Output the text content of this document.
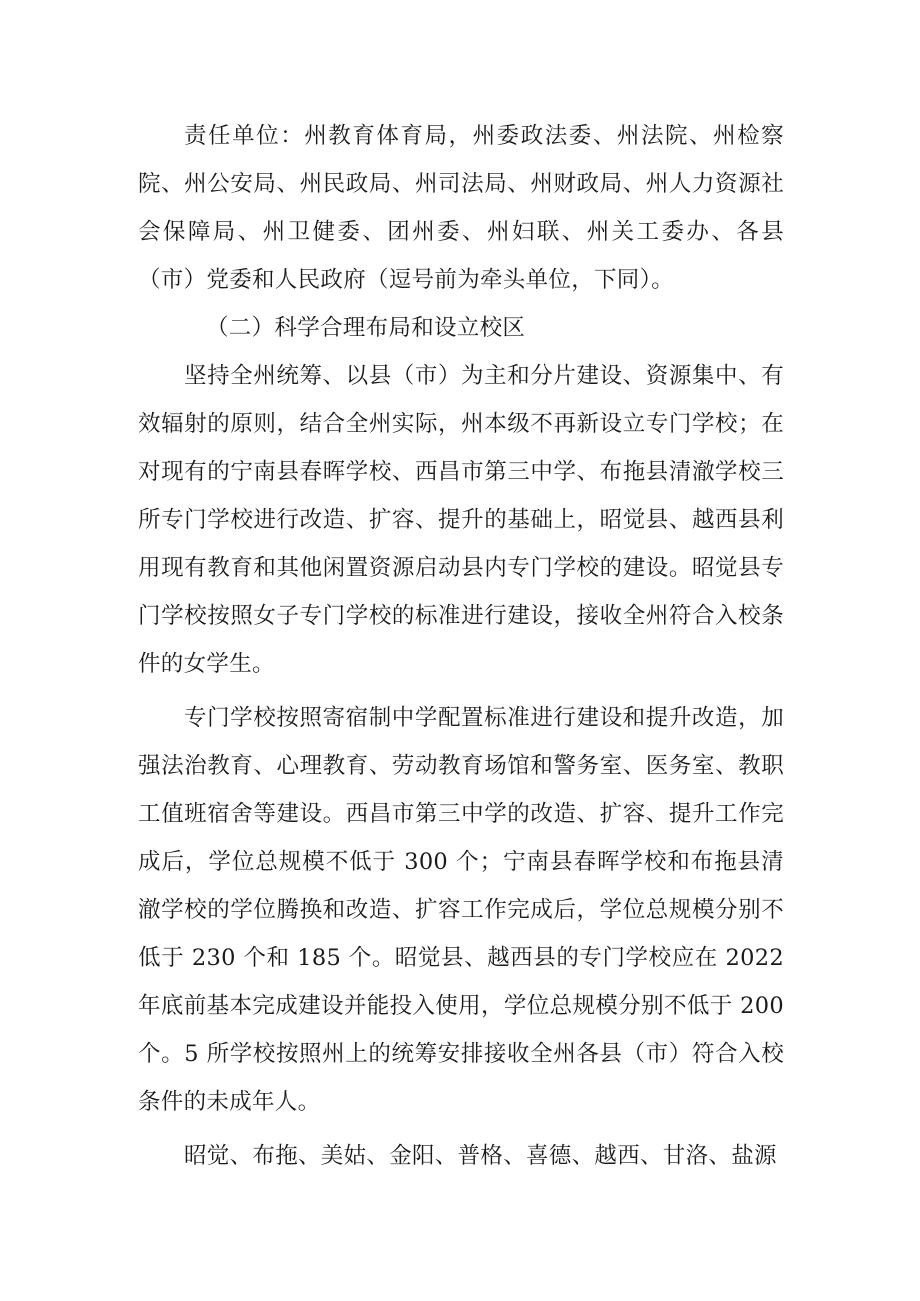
责任单位：州教育体育局，州委政法委、州法院、州检察院、州公安局、州民政局、州司法局、州财政局、州人力资源社会保障局、州卫健委、团州委、州妇联、州关工委办、各县（市）党委和人民政府（逗号前为牵头单位，下同）。

（二）科学合理布局和设立校区

坚持全州统筹、以县（市）为主和分片建设、资源集中、有效辐射的原则，结合全州实际，州本级不再新设立专门学校；在对现有的宁南县春晖学校、西昌市第三中学、布拖县清澈学校三所专门学校进行改造、扩容、提升的基础上，昭觉县、越西县利用现有教育和其他闲置资源启动县内专门学校的建设。昭觉县专门学校按照女子专门学校的标准进行建设，接收全州符合入校条件的女学生。

专门学校按照寄宿制中学配置标准进行建设和提升改造，加强法治教育、心理教育、劳动教育场馆和警务室、医务室、教职工值班宿舍等建设。西昌市第三中学的改造、扩容、提升工作完成后，学位总规模不低于 300 个；宁南县春晖学校和布拖县清澈学校的学位腾换和改造、扩容工作完成后，学位总规模分别不低于 230 个和 185 个。昭觉县、越西县的专门学校应在 2022 年底前基本完成建设并能投入使用，学位总规模分别不低于 200 个。5 所学校按照州上的统筹安排接收全州各县（市）符合入校条件的未成年人。

昭觉、布拖、美姑、金阳、普格、喜德、越西、甘洛、盐源
